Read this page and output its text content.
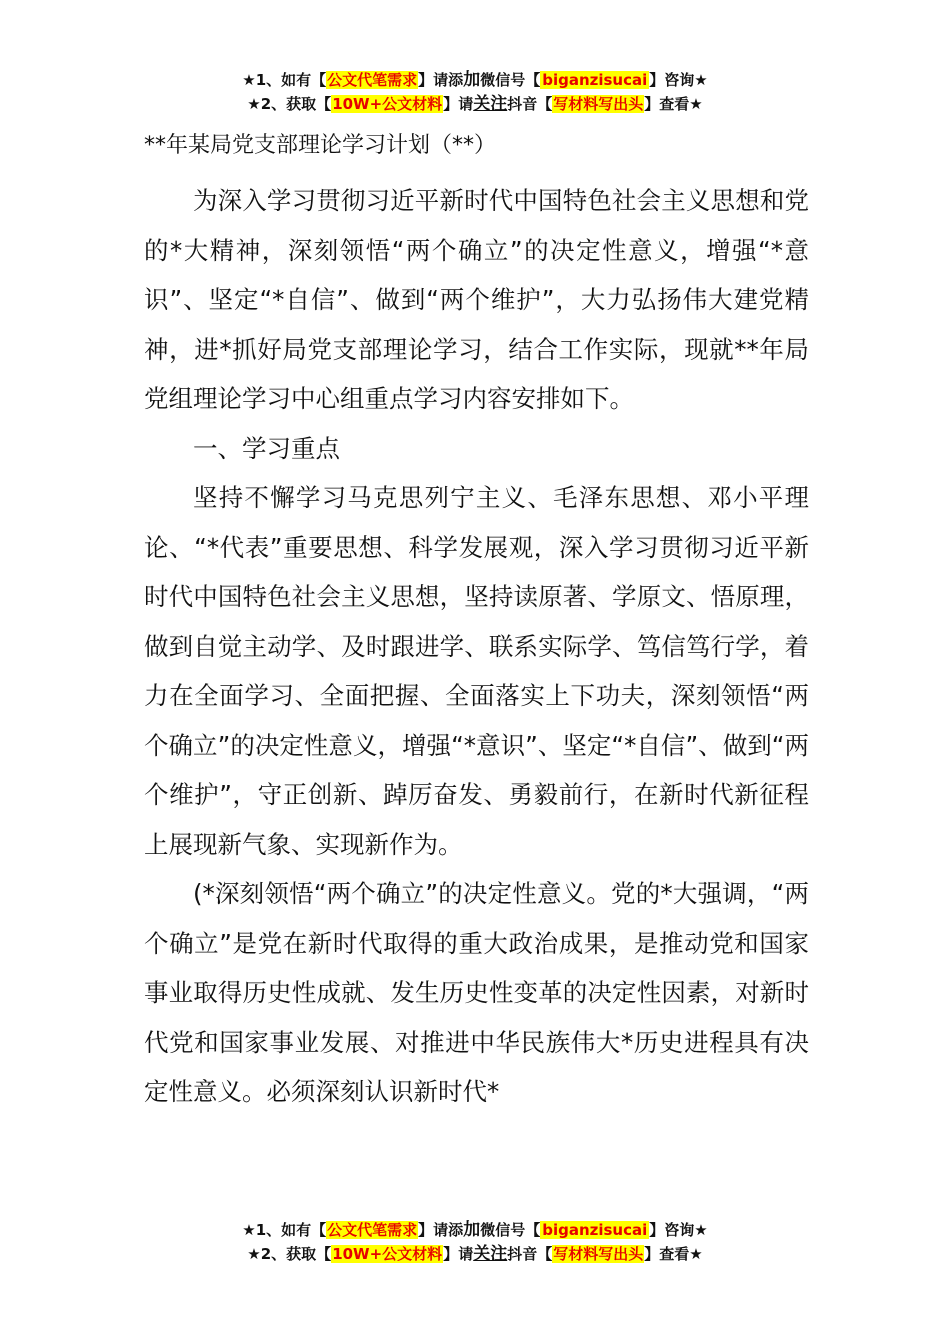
★1、如有【公文代笔需求】请添加微信号【 biganzisucai 】咨询★
★2、获取【10W+公文材料】请关注抖音【写材料写出头】查看★
**年某局党支部理论学习计划（**）

为深入学习贯彻习近平新时代中国特色社会主义思想和党的*大精神，深刻领悟“两个确立”的决定性意义，增强“*意识”、坚定“*自信”、做到“两个维护”，大力弘扬伟大建党精神，进*抓好局党支部理论学习，结合工作实际，现就**年局党组理论学习中心组重点学习内容安排如下。

一、学习重点

坚持不懈学习马克思列宁主义、毛泽东思想、邓小平理论、“*代表”重要思想、科学发展观，深入学习贯彻习近平新时代中国特色社会主义思想，坚持读原著、学原文、悟原理，做到自觉主动学、及时跟进学、联系实际学、笃信笃行学，着力在全面学习、全面把握、全面落实上下功夫，深刻领悟“两个确立”的决定性意义，增强“*意识”、坚定“*自信”、做到“两个维护”，守正创新、踔厉奋发、勇毅前行，在新时代新征程上展现新气象、实现新作为。

(*深刻领悟“两个确立”的决定性意义。党的*大强调，“两个确立”是党在新时代取得的重大政治成果，是推动党和国家事业取得历史性成就、发生历史性变革的决定性因素，对新时代党和国家事业发展、对推进中华民族伟大*历史进程具有决定性意义。必须深刻认识新时代*

★1、如有【公文代笔需求】请添加微信号【 biganzisucai 】咨询★
★2、获取【10W+公文材料】请关注抖音【写材料写出头】查看★
